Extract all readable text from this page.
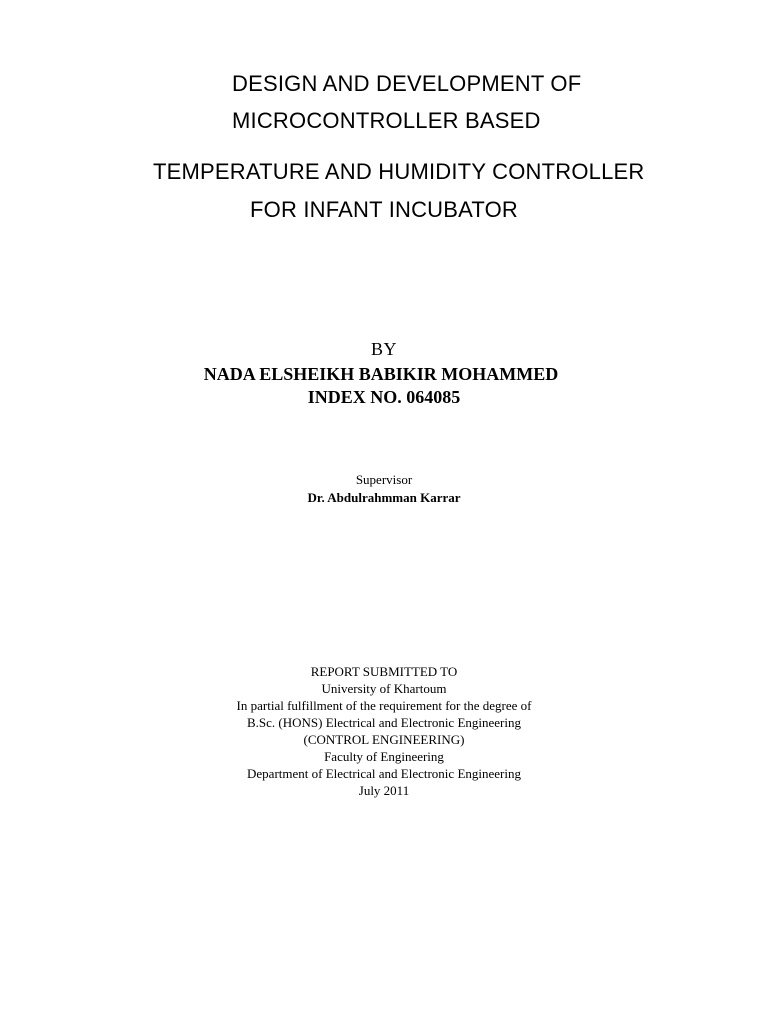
DESIGN AND DEVELOPMENT OF
MICROCONTROLLER BASED
TEMPERATURE AND HUMIDITY CONTROLLER
FOR INFANT INCUBATOR
BY
NADA ELSHEIKH BABIKIR MOHAMMED
INDEX NO. 064085
Supervisor
Dr. Abdulrahmman Karrar
REPORT SUBMITTED TO
University of Khartoum
In partial fulfillment of the requirement for the degree of
B.Sc. (HONS) Electrical and Electronic Engineering
(CONTROL ENGINEERING)
Faculty of Engineering
Department of Electrical and Electronic Engineering
July 2011
